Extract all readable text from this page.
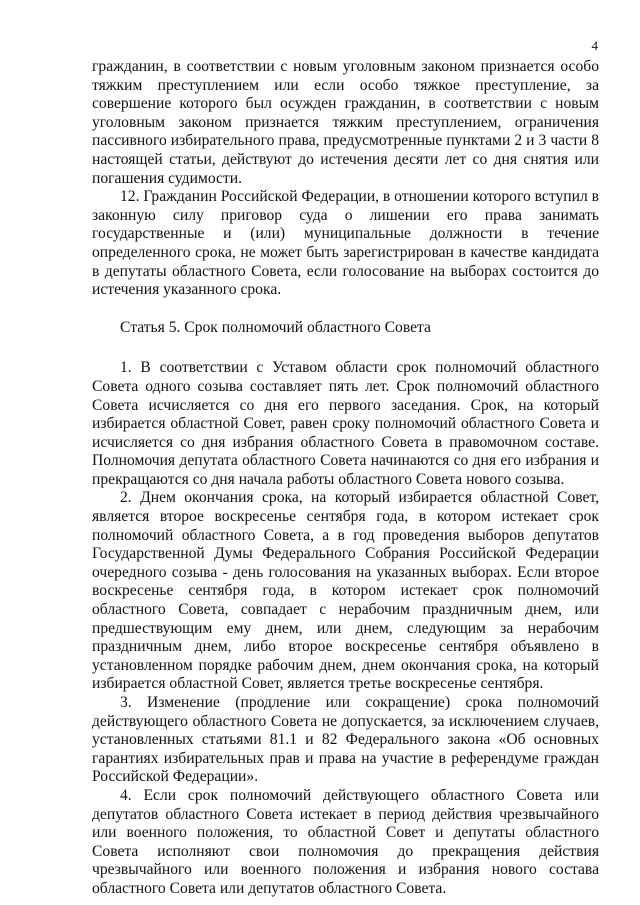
4

гражданин, в соответствии с новым уголовным законом признается особо тяжким преступлением или если особо тяжкое преступление, за совершение которого был осужден гражданин, в соответствии с новым уголовным законом признается тяжким преступлением, ограничения пассивного избирательного права, предусмотренные пунктами 2 и 3 части 8 настоящей статьи, действуют до истечения десяти лет со дня снятия или погашения судимости.

12. Гражданин Российской Федерации, в отношении которого вступил в законную силу приговор суда о лишении его права занимать государственные и (или) муниципальные должности в течение определенного срока, не может быть зарегистрирован в качестве кандидата в депутаты областного Совета, если голосование на выборах состоится до истечения указанного срока.

Статья 5. Срок полномочий областного Совета

1. В соответствии с Уставом области срок полномочий областного Совета одного созыва составляет пять лет. Срок полномочий областного Совета исчисляется со дня его первого заседания. Срок, на который избирается областной Совет, равен сроку полномочий областного Совета и исчисляется со дня избрания областного Совета в правомочном составе. Полномочия депутата областного Совета начинаются со дня его избрания и прекращаются со дня начала работы областного Совета нового созыва.

2. Днем окончания срока, на который избирается областной Совет, является второе воскресенье сентября года, в котором истекает срок полномочий областного Совета, а в год проведения выборов депутатов Государственной Думы Федерального Собрания Российской Федерации очередного созыва - день голосования на указанных выборах. Если второе воскресенье сентября года, в котором истекает срок полномочий областного Совета, совпадает с нерабочим праздничным днем, или предшествующим ему днем, или днем, следующим за нерабочим праздничным днем, либо второе воскресенье сентября объявлено в установленном порядке рабочим днем, днем окончания срока, на который избирается областной Совет, является третье воскресенье сентября.

3. Изменение (продление или сокращение) срока полномочий действующего областного Совета не допускается, за исключением случаев, установленных статьями 81.1 и 82 Федерального закона «Об основных гарантиях избирательных прав и права на участие в референдуме граждан Российской Федерации».

4. Если срок полномочий действующего областного Совета или депутатов областного Совета истекает в период действия чрезвычайного или военного положения, то областной Совет и депутаты областного Совета исполняют свои полномочия до прекращения действия чрезвычайного или военного положения и избрания нового состава областного Совета или депутатов областного Совета.
